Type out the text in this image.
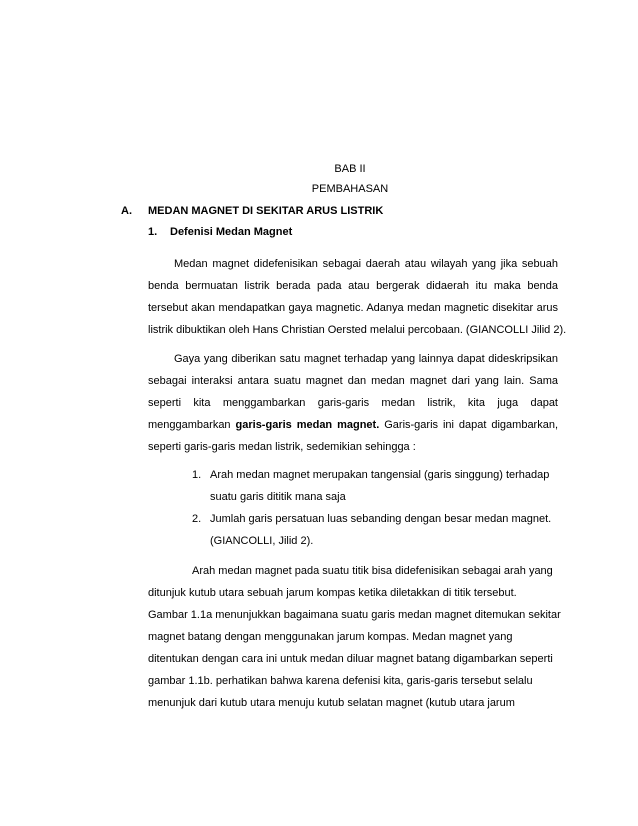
BAB II
PEMBAHASAN
A. MEDAN MAGNET DI SEKITAR ARUS LISTRIK
1. Defenisi Medan Magnet
Medan magnet didefenisikan sebagai daerah atau wilayah yang jika sebuah
benda bermuatan listrik berada pada atau bergerak didaerah itu maka benda
tersebut akan mendapatkan gaya magnetic. Adanya medan magnetic disekitar arus
listrik dibuktikan oleh Hans Christian Oersted melalui percobaan. (GIANCOLLI Jilid 2).
Gaya yang diberikan satu magnet terhadap yang lainnya dapat dideskripsikan
sebagai interaksi antara suatu magnet dan medan magnet dari yang lain. Sama
seperti kita menggambarkan garis-garis medan listrik, kita juga dapat
menggambarkan garis-garis medan magnet. Garis-garis ini dapat digambarkan,
seperti garis-garis medan listrik, sedemikian sehingga :
1. Arah medan magnet merupakan tangensial (garis singgung) terhadap
suatu garis dititik mana saja
2. Jumlah garis persatuan luas sebanding dengan besar medan magnet.
(GIANCOLLI, Jilid 2).
Arah medan magnet pada suatu titik bisa didefenisikan sebagai arah yang
ditunjuk kutub utara sebuah jarum kompas ketika diletakkan di titik tersebut.
Gambar 1.1a menunjukkan bagaimana suatu garis medan magnet ditemukan sekitar
magnet batang dengan menggunakan jarum kompas. Medan magnet yang
ditentukan dengan cara ini untuk medan diluar magnet batang digambarkan seperti
gambar 1.1b. perhatikan bahwa karena defenisi kita, garis-garis tersebut selalu
menunjuk dari kutub utara menuju kutub selatan magnet (kutub utara jarum
